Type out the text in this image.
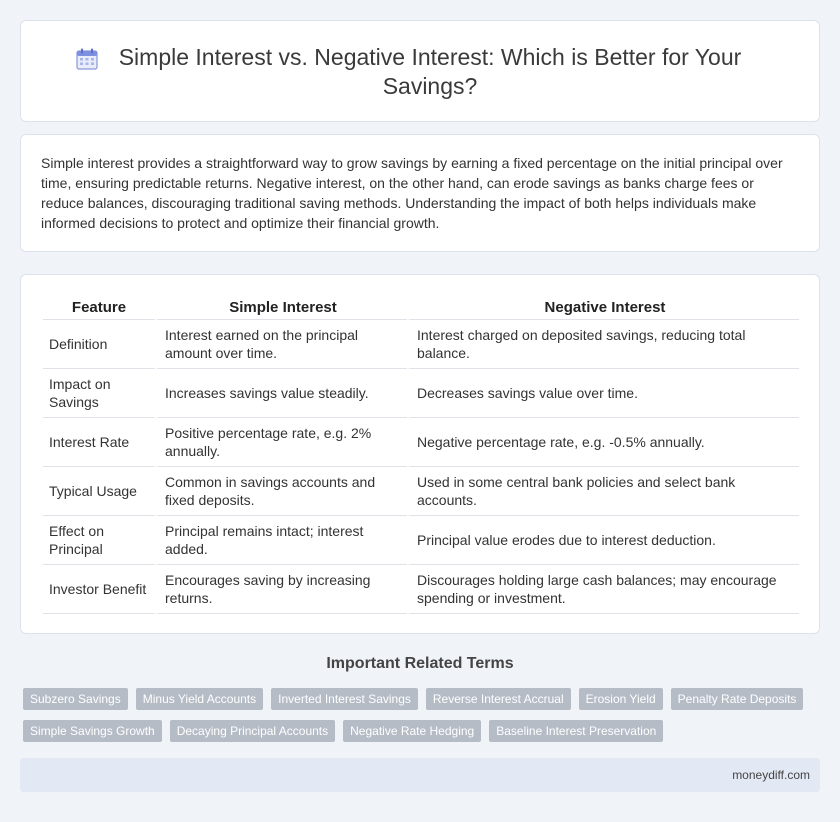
Simple Interest vs. Negative Interest: Which is Better for Your Savings?

Simple interest provides a straightforward way to grow savings by earning a fixed percentage on the initial principal over time, ensuring predictable returns. Negative interest, on the other hand, can erode savings as banks charge fees or reduce balances, discouraging traditional saving methods. Understanding the impact of both helps individuals make informed decisions to protect and optimize their financial growth.

Feature	Simple Interest	Negative Interest
Definition	Interest earned on the principal amount over time.	Interest charged on deposited savings, reducing total balance.
Impact on Savings	Increases savings value steadily.	Decreases savings value over time.
Interest Rate	Positive percentage rate, e.g. 2% annually.	Negative percentage rate, e.g. -0.5% annually.
Typical Usage	Common in savings accounts and fixed deposits.	Used in some central bank policies and select bank accounts.
Effect on Principal	Principal remains intact; interest added.	Principal value erodes due to interest deduction.
Investor Benefit	Encourages saving by increasing returns.	Discourages holding large cash balances; may encourage spending or investment.
Important Related Terms
Subzero Savings	Minus Yield Accounts	Inverted Interest Savings	Reverse Interest Accrual	Erosion Yield	Penalty Rate Deposits
Simple Savings Growth	Decaying Principal Accounts	Negative Rate Hedging	Baseline Interest Preservation
moneydiff.com
